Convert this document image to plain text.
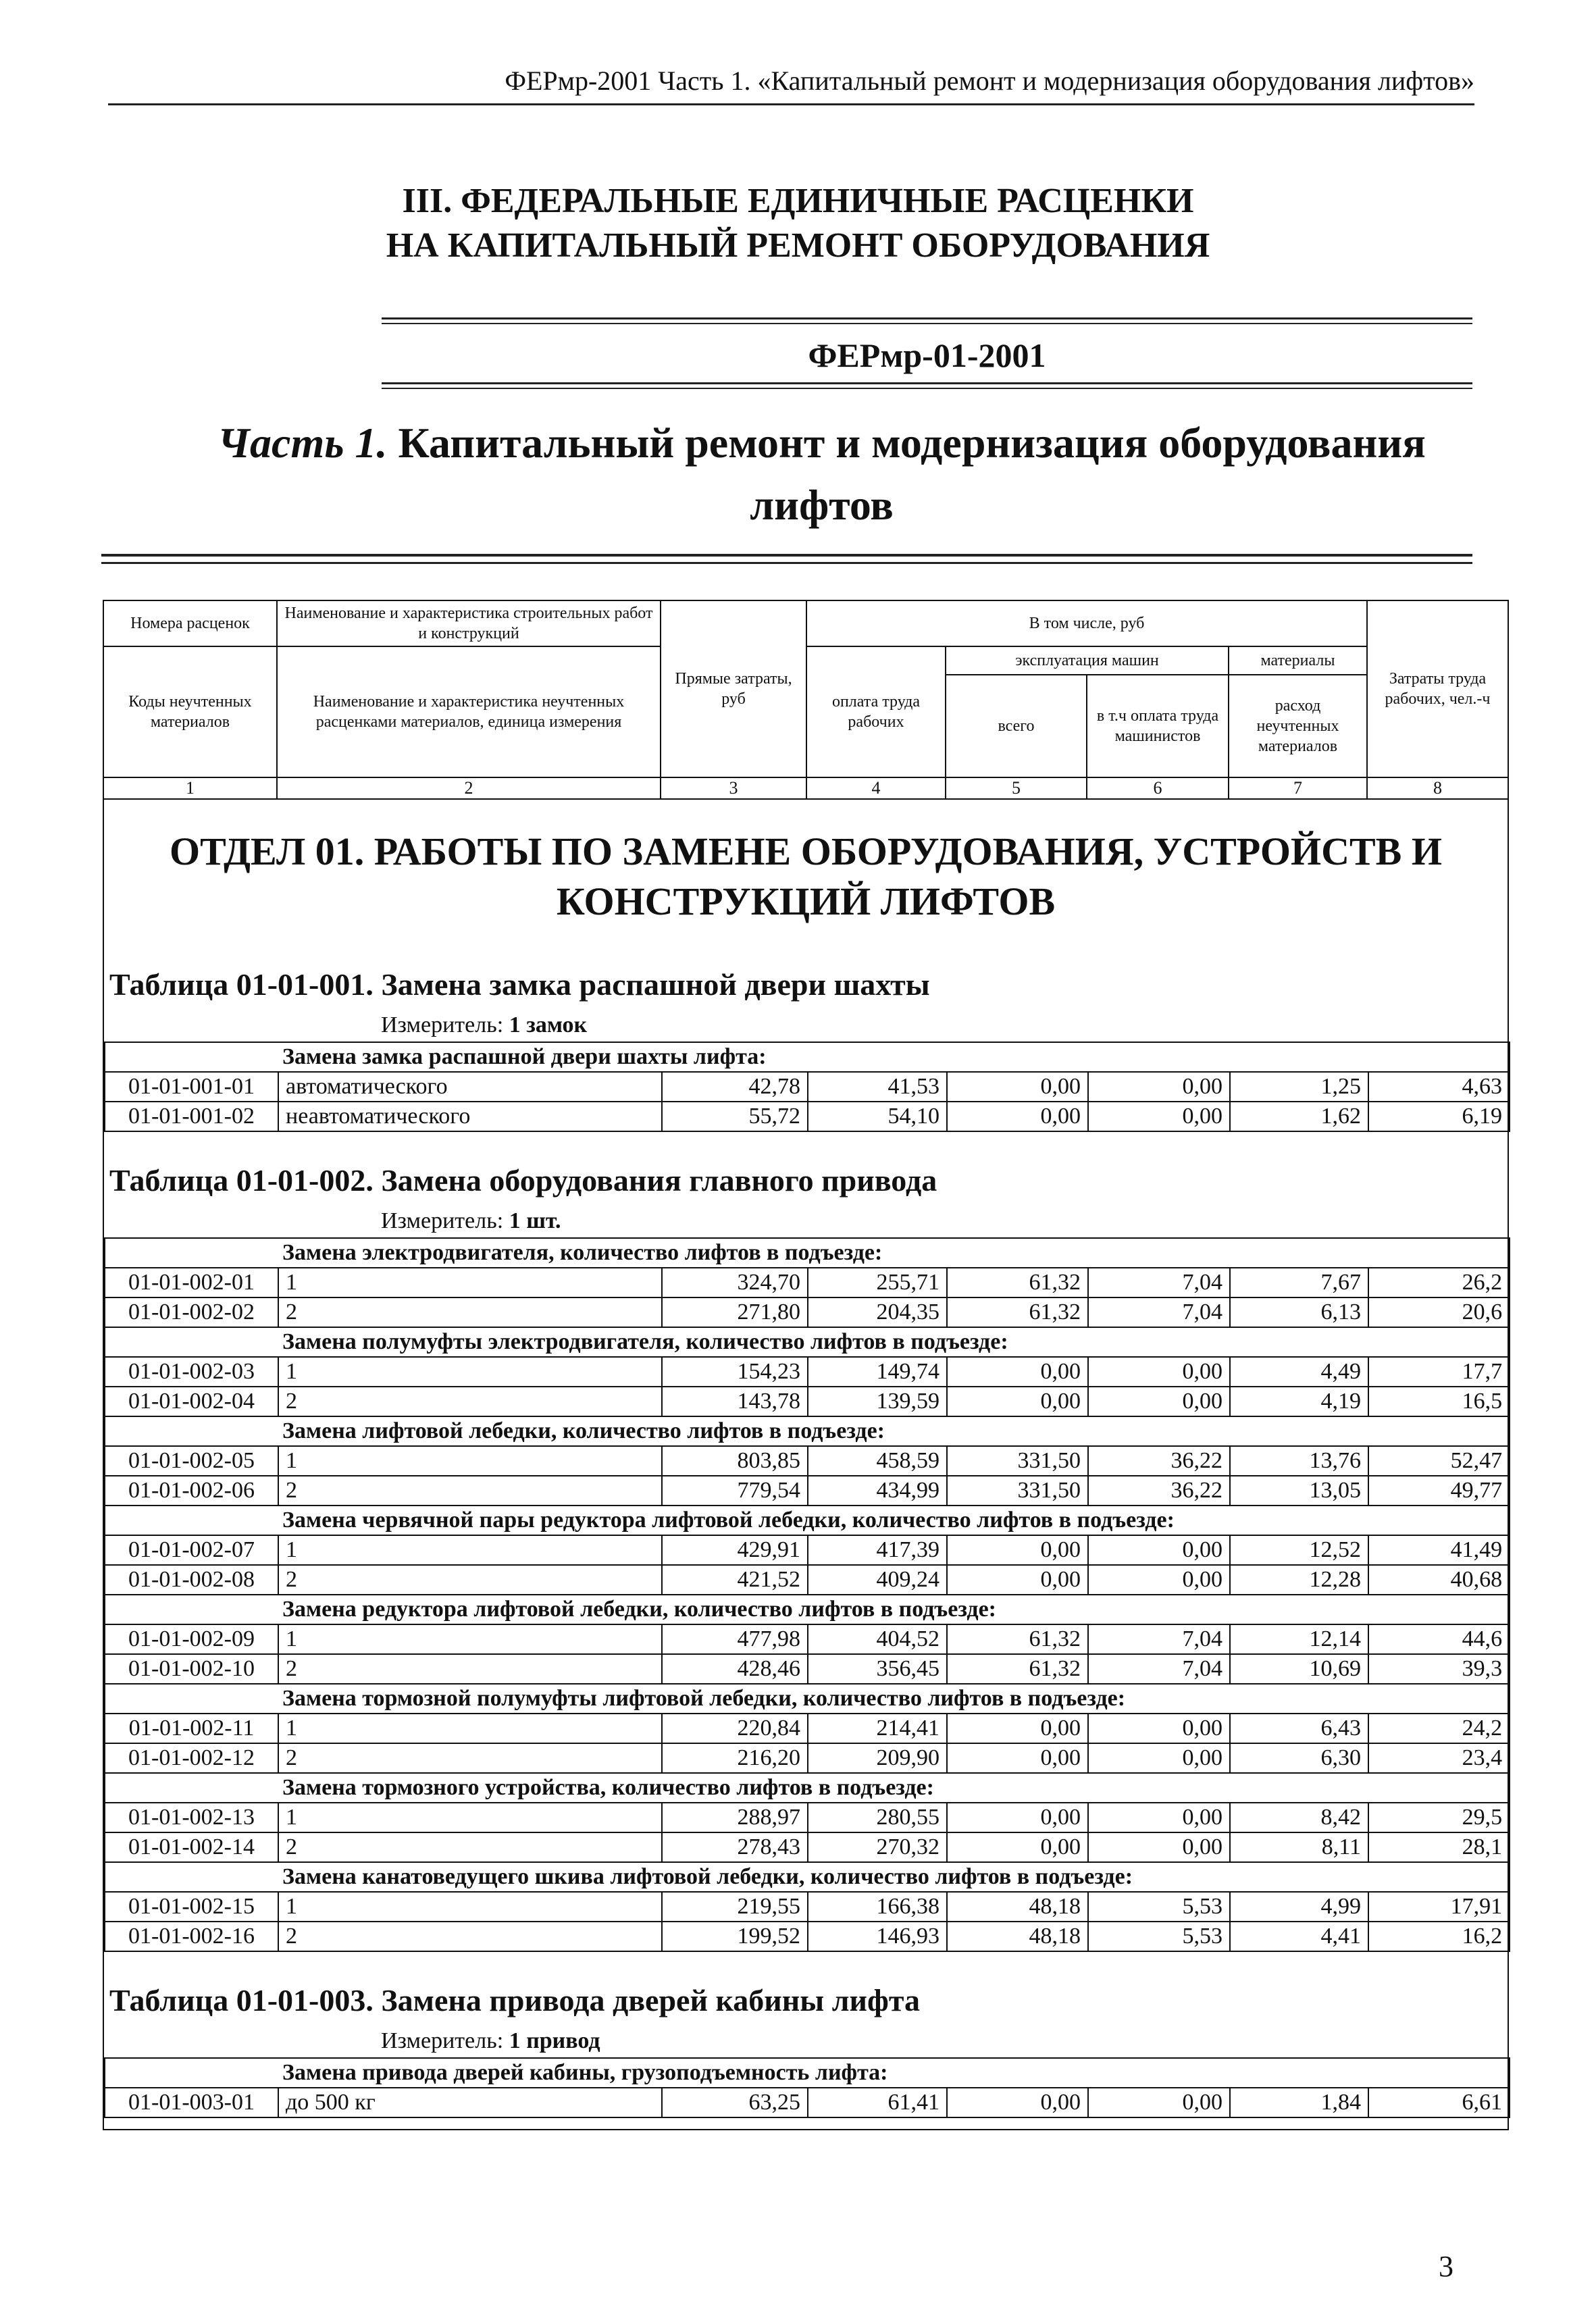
ФЕРмр-2001 Часть 1. «Капитальный ремонт и модернизация оборудования лифтов»
III. ФЕДЕРАЛЬНЫЕ ЕДИНИЧНЫЕ РАСЦЕНКИ
НА КАПИТАЛЬНЫЙ РЕМОНТ ОБОРУДОВАНИЯ
ФЕРмр-01-2001
Часть 1. Капитальный ремонт и модернизация оборудования
лифтов
Номера расценок	Наименование и характеристика строительных работ и конструкций	Прямые затраты, руб	В том числе, руб	Затраты труда рабочих, чел.-ч
Коды неучтенных материалов	Наименование и характеристика неучтенных расценками материалов, единица измерения	оплата труда рабочих	эксплуатация машин	материалы
всего	в т.ч оплата труда машинистов	расход неучтенных материалов
1	2	3	4	5	6	7	8

ОТДЕЛ 01. РАБОТЫ ПО ЗАМЕНЕ ОБОРУДОВАНИЯ, УСТРОЙСТВ И КОНСТРУКЦИЙ ЛИФТОВ
Таблица 01-01-001. Замена замка распашной двери шахты
Измеритель: 1 замок
Замена замка распашной двери шахты лифта:
01-01-001-01	автоматического	42,78	41,53	0,00	0,00	1,25	4,63
01-01-001-02	неавтоматического	55,72	54,10	0,00	0,00	1,62	6,19
Таблица 01-01-002. Замена оборудования главного привода
Измеритель: 1 шт.
Замена электродвигателя, количество лифтов в подъезде:
01-01-002-01	1	324,70	255,71	61,32	7,04	7,67	26,2
01-01-002-02	2	271,80	204,35	61,32	7,04	6,13	20,6
Замена полумуфты электродвигателя, количество лифтов в подъезде:
01-01-002-03	1	154,23	149,74	0,00	0,00	4,49	17,7
01-01-002-04	2	143,78	139,59	0,00	0,00	4,19	16,5
Замена лифтовой лебедки, количество лифтов в подъезде:
01-01-002-05	1	803,85	458,59	331,50	36,22	13,76	52,47
01-01-002-06	2	779,54	434,99	331,50	36,22	13,05	49,77
Замена червячной пары редуктора лифтовой лебедки, количество лифтов в подъезде:
01-01-002-07	1	429,91	417,39	0,00	0,00	12,52	41,49
01-01-002-08	2	421,52	409,24	0,00	0,00	12,28	40,68
Замена редуктора лифтовой лебедки, количество лифтов в подъезде:
01-01-002-09	1	477,98	404,52	61,32	7,04	12,14	44,6
01-01-002-10	2	428,46	356,45	61,32	7,04	10,69	39,3
Замена тормозной полумуфты лифтовой лебедки, количество лифтов в подъезде:
01-01-002-11	1	220,84	214,41	0,00	0,00	6,43	24,2
01-01-002-12	2	216,20	209,90	0,00	0,00	6,30	23,4
Замена тормозного устройства, количество лифтов в подъезде:
01-01-002-13	1	288,97	280,55	0,00	0,00	8,42	29,5
01-01-002-14	2	278,43	270,32	0,00	0,00	8,11	28,1
Замена канатоведущего шкива лифтовой лебедки, количество лифтов в подъезде:
01-01-002-15	1	219,55	166,38	48,18	5,53	4,99	17,91
01-01-002-16	2	199,52	146,93	48,18	5,53	4,41	16,2
Таблица 01-01-003. Замена привода дверей кабины лифта
Измеритель: 1 привод
Замена привода дверей кабины, грузоподъемность лифта:
01-01-003-01	до 500 кг	63,25	61,41	0,00	0,00	1,84	6,61
3
